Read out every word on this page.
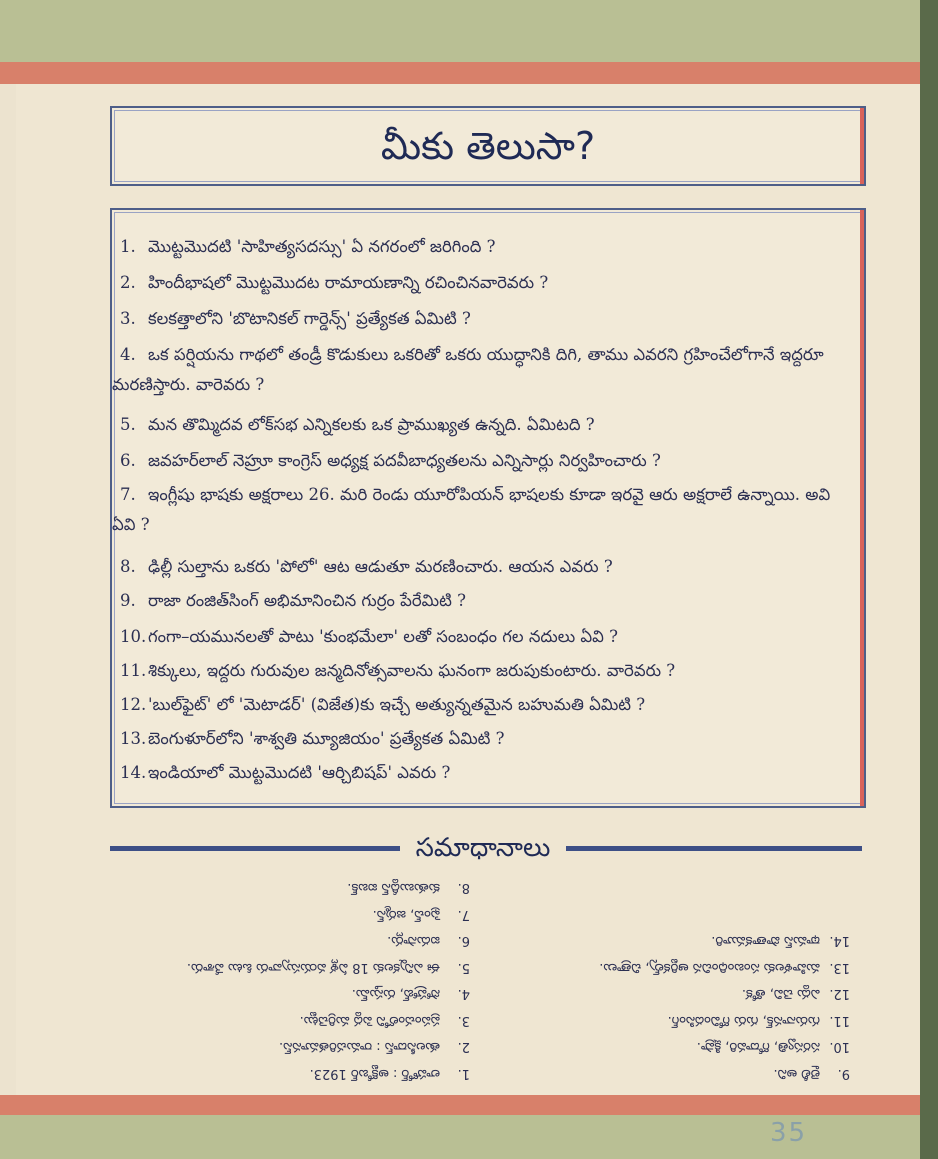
మీకు తెలుసా?
1. మొట్టమొదటి 'సాహిత్యసదస్సు' ఏ నగరంలో జరిగింది ?
2. హిందీభాషలో మొట్టమొదట రామాయణాన్ని రచించినవారెవరు ?
3. కలకత్తాలోని 'బొటానికల్ గార్డెన్స్' ప్రత్యేకత ఏమిటి ?
4. ఒక పర్షియను గాథలో తండ్రీ కొడుకులు ఒకరితో ఒకరు యుద్ధానికి దిగి, తాము ఎవరని గ్రహించేలోగానే ఇద్దరూ మరణిస్తారు. వారెవరు ?
5. మన తొమ్మిదవ లోక్‌సభ ఎన్నికలకు ఒక ప్రాముఖ్యత ఉన్నది. ఏమిటది ?
6. జవహర్‌లాల్ నెహ్రూ కాంగ్రెస్ అధ్యక్ష పదవీబాధ్యతలను ఎన్నిసార్లు నిర్వహించారు ?
7. ఇంగ్లీషు భాషకు అక్షరాలు 26. మరి రెండు యూరోపియన్ భాషలకు కూడా ఇరవై ఆరు అక్షరాలే ఉన్నాయి. అవి ఏవి ?
8. ఢిల్లీ సుల్తాను ఒకరు 'పోలో' ఆట ఆడుతూ మరణించారు. ఆయన ఎవరు ?
9. రాజా రంజిత్‌సింగ్ అభిమానించిన గుర్రం పేరేమిటి ?
10. గంగా–యమునలతో పాటు 'కుంభమేలా' లతో సంబంధం గల నదులు ఏవి ?
11. శిక్కులు, ఇద్దరు గురువుల జన్మదినోత్సవాలను ఘనంగా జరుపుకుంటారు. వారెవరు ?
12. 'బుల్‌ఫైట్' లో 'మెటాడర్' (విజేత)కు ఇచ్చే అత్యున్నతమైన బహుమతి ఏమిటి ?
13. బెంగుళూర్‌లోని 'శాశ్వతి మ్యూజియం' ప్రత్యేకత ఏమిటి ?
14. ఇండియాలో మొట్టమొదటి 'ఆర్చిబిషప్' ఎవరు ?
సమాధానాలు
9.లైలీ అని.
10.సరస్వతి, గోదావరి, క్షిప్రా.
11.గురునానక్, గురు గోవిందసింగ్.
12.ఎద్దు చెవి, తోక.
13.మహిళలకు సంబంధించిన ఆర్టికల్స్, చిత్రాలు.
14.థామస్ పొతాకమూరి.
1.లాహోర్ : అక్టోబర్ 1923.
2.తులసీదాస్ : రామచరితమానస్.
3.ప్రపంచంలోని పెద్ద మర్రిచెట్టు.
4.సోహ్రాబ్, రుస్తుమ్.
5.ఈ ఎన్నికలకు 18 ఏళ్ల వయస్సువారు ఓటు వేశారు.
6.ఐదుసార్లు.
7.ఫ్రెంచ్, జర్మన్.
8.కుతుబుద్దీన్ ఐబక్.
35
